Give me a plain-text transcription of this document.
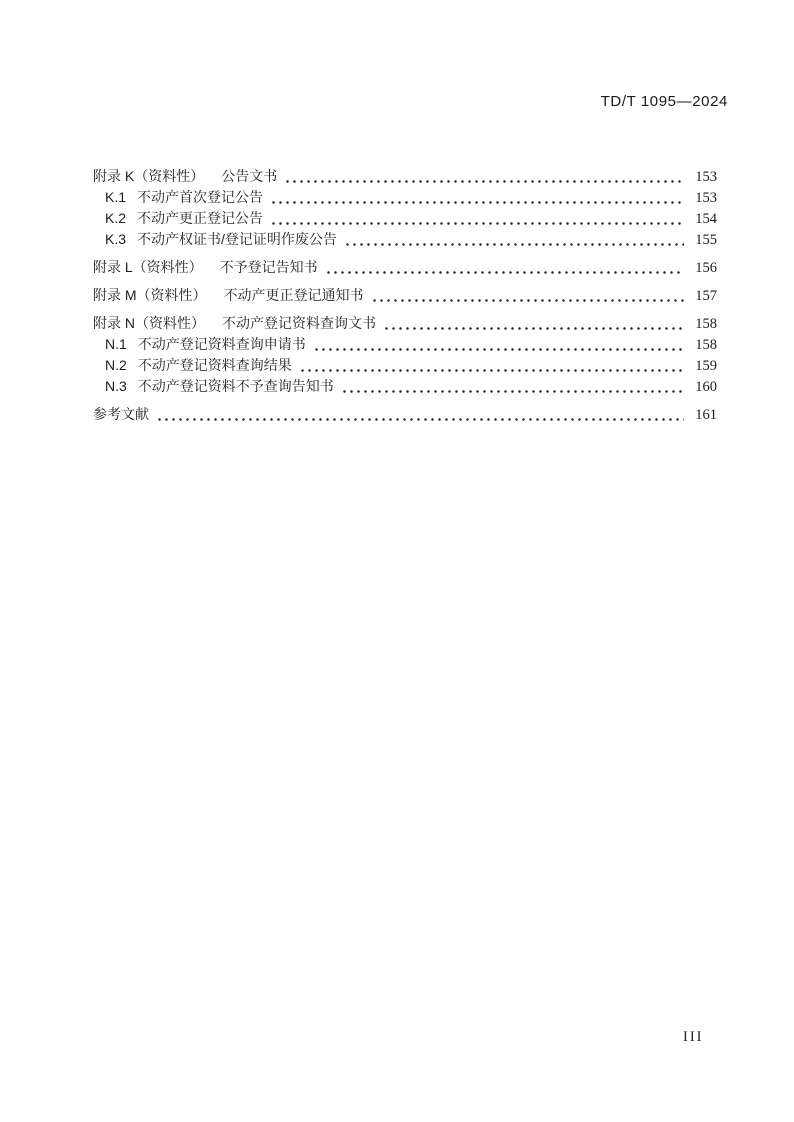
TD/T 1095—2024
附录 K（资料性） 公告文书	153
K.1 不动产首次登记公告	153
K.2 不动产更正登记公告	154
K.3 不动产权证书/登记证明作废公告	155
附录 L（资料性） 不予登记告知书	156
附录 M（资料性） 不动产更正登记通知书	157
附录 N（资料性） 不动产登记资料查询文书	158
N.1 不动产登记资料查询申请书	158
N.2 不动产登记资料查询结果	159
N.3 不动产登记资料不予查询告知书	160
参考文献	161
III
